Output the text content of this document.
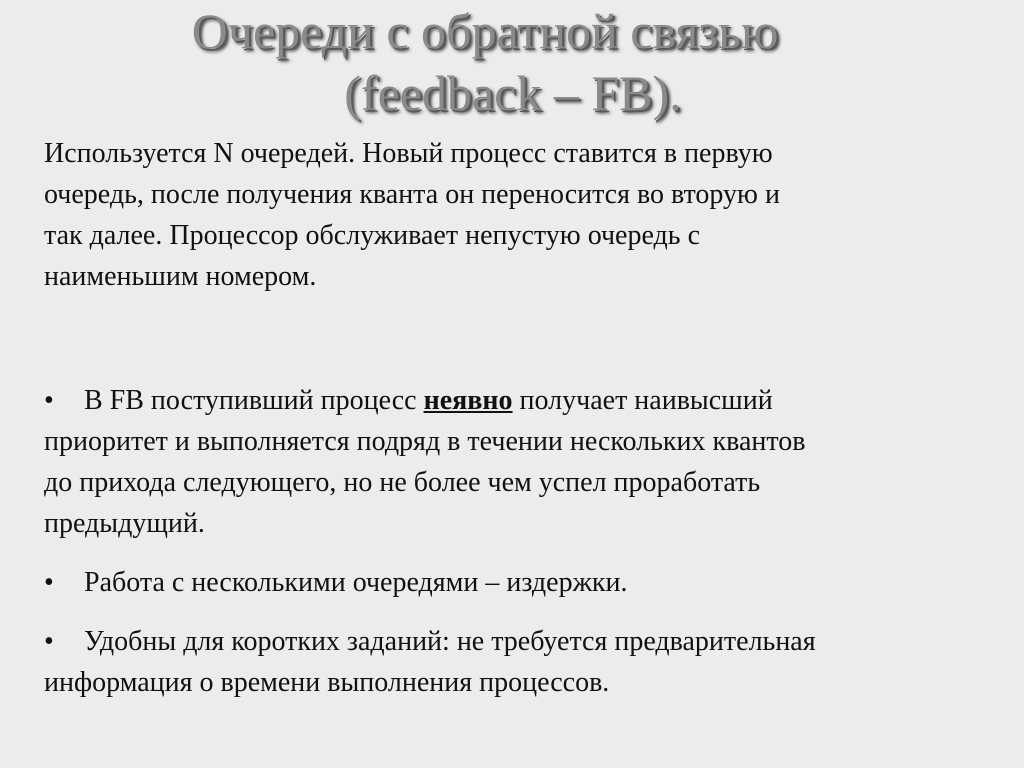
Очереди с обратной связью
(feedback – FB).

Используется N очередей. Новый процесс ставится в первую
очередь, после получения кванта он переносится во вторую и
так далее. Процессор обслуживает непустую очередь с
наименьшим номером.

• В FB поступивший процесс неявно получает наивысший
приоритет и выполняется подряд в течении нескольких квантов
до прихода следующего, но не более чем успел проработать
предыдущий.
• Работа с несколькими очередями – издержки.
• Удобны для коротких заданий: не требуется предварительная
информация о времени выполнения процессов.
